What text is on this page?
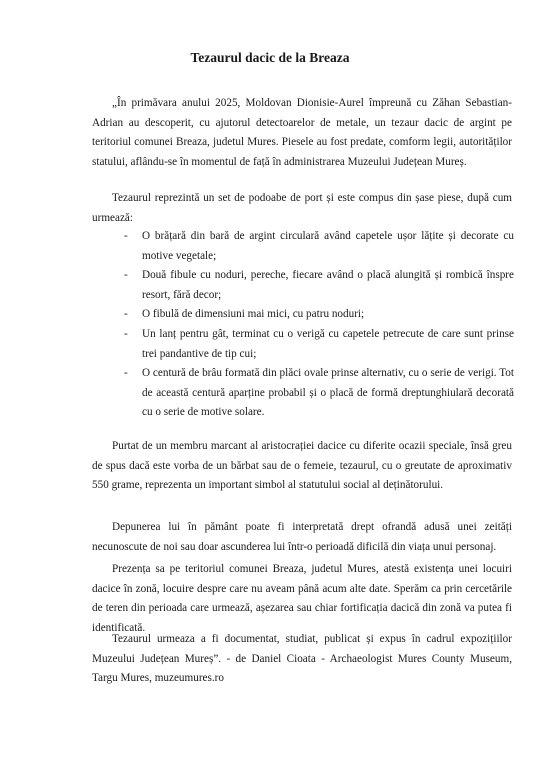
Tezaurul dacic de la Breaza

„În primăvara anului 2025, Moldovan Dionisie-Aurel împreună cu Zăhan Sebastian-Adrian au descoperit, cu ajutorul detectoarelor de metale, un tezaur dacic de argint pe teritoriul comunei Breaza, judetul Mures. Piesele au fost predate, comform legii, autorităților statului, aflându-se în momentul de față în administrarea Muzeului Județean Mureș.

Tezaurul reprezintă un set de podoabe de port și este compus din șase piese, după cum urmează:

- O brățară din bară de argint circulară având capetele ușor lățite și decorate cu motive vegetale;
- Două fibule cu noduri, pereche, fiecare având o placă alungită și rombică înspre resort, fără decor;
- O fibulă de dimensiuni mai mici, cu patru noduri;
- Un lanț pentru gât, terminat cu o verigă cu capetele petrecute de care sunt prinse trei pandantive de tip cui;
- O centură de brâu formată din plăci ovale prinse alternativ, cu o serie de verigi. Tot de această centură aparține probabil și o placă de formă dreptunghiulară decorată cu o serie de motive solare.

Purtat de un membru marcant al aristocrației dacice cu diferite ocazii speciale, însă greu de spus dacă este vorba de un bărbat sau de o femeie, tezaurul, cu o greutate de aproximativ 550 grame, reprezenta un important simbol al statutului social al deținătorului.

Depunerea lui în pământ poate fi interpretată drept ofrandă adusă unei zeități necunoscute de noi sau doar ascunderea lui într-o perioadă dificilă din viața unui personaj.

Prezența sa pe teritoriul comunei Breaza, judetul Mures, atestă existența unei locuiri dacice în zonă, locuire despre care nu aveam până acum alte date. Sperăm ca prin cercetările de teren din perioada care urmează, așezarea sau chiar fortificația dacică din zonă va putea fi identificată.

Tezaurul urmeaza a fi documentat, studiat, publicat și expus în cadrul expozițiilor Muzeului Județean Mureș”. - de Daniel Cioata - Archaeologist Mures County Museum, Targu Mures, muzeumures.ro
